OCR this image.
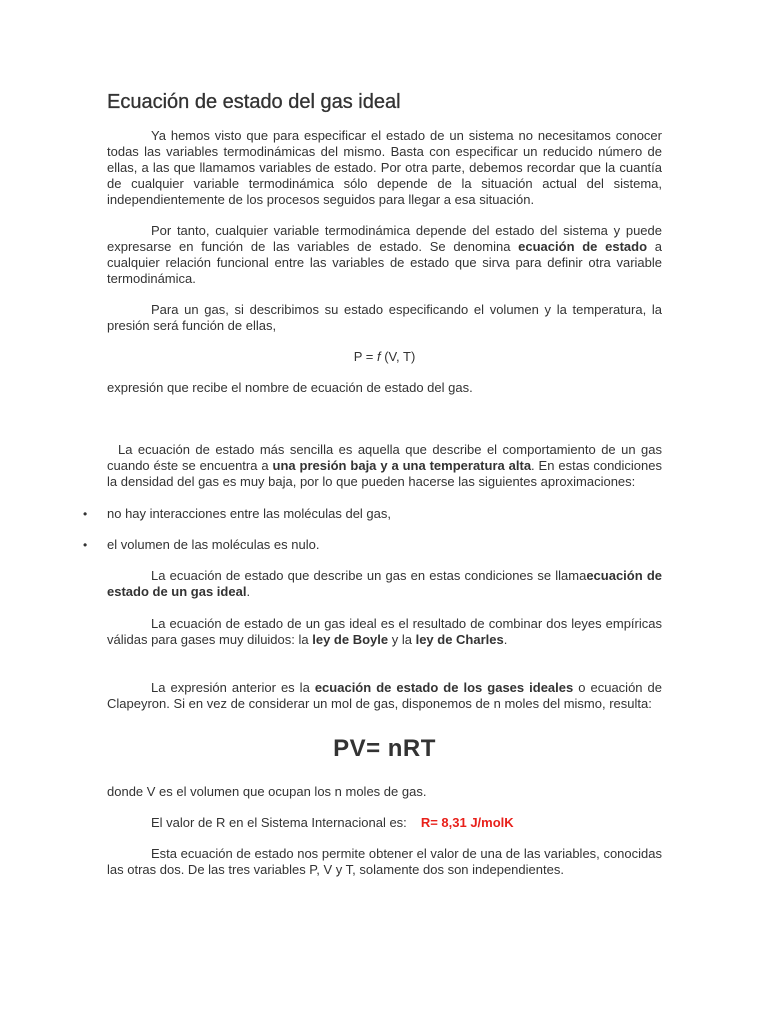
Ecuación de estado del gas ideal

Ya hemos visto que para especificar el estado de un sistema no necesitamos conocer todas las variables termodinámicas del mismo. Basta con especificar un reducido número de ellas, a las que llamamos variables de estado. Por otra parte, debemos recordar que la cuantía de cualquier variable termodinámica sólo depende de la situación actual del sistema, independientemente de los procesos seguidos para llegar a esa situación.

Por tanto, cualquier variable termodinámica depende del estado del sistema y puede expresarse en función de las variables de estado. Se denomina ecuación de estado a cualquier relación funcional entre las variables de estado que sirva para definir otra variable termodinámica.

Para un gas, si describimos su estado especificando el volumen y la temperatura, la presión será función de ellas,

P = f (V, T)

expresión que recibe el nombre de ecuación de estado del gas.

La ecuación de estado más sencilla es aquella que describe el comportamiento de un gas cuando éste se encuentra a una presión baja y a una temperatura alta. En estas condiciones la densidad del gas es muy baja, por lo que pueden hacerse las siguientes aproximaciones:

• no hay interacciones entre las moléculas del gas,
• el volumen de las moléculas es nulo.

La ecuación de estado que describe un gas en estas condiciones se llamaecuación de estado de un gas ideal.

La ecuación de estado de un gas ideal es el resultado de combinar dos leyes empíricas válidas para gases muy diluidos: la ley de Boyle y la ley de Charles.

La expresión anterior es la ecuación de estado de los gases ideales o ecuación de Clapeyron. Si en vez de considerar un mol de gas, disponemos de n moles del mismo, resulta:

PV= nRT

donde V es el volumen que ocupan los n moles de gas.

El valor de R en el Sistema Internacional es: R= 8,31 J/molK

Esta ecuación de estado nos permite obtener el valor de una de las variables, conocidas las otras dos. De las tres variables P, V y T, solamente dos son independientes.
